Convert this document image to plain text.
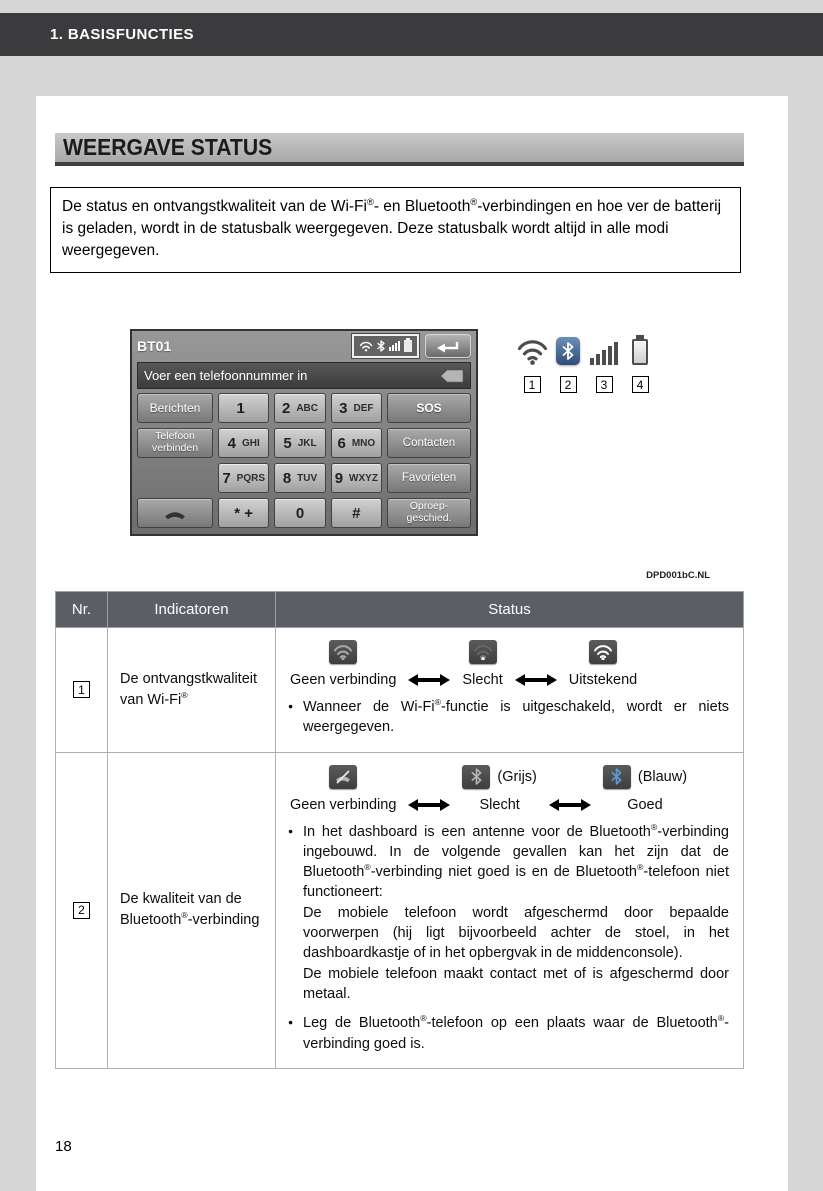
1. BASISFUNCTIES
WEERGAVE STATUS

De status en ontvangstkwaliteit van de Wi-Fi®- en Bluetooth®-verbindingen en hoe ver de batterij is geladen, wordt in de statusbalk weergegeven. Deze statusbalk wordt altijd in alle modi weergegeven.

BT01
Voer een telefoonnummer in
Berichten
Telefoon
verbinden
1 2 ABC 3 DEF
4 GHI 5 JKL 6 MNO
7 PQRS 8 TUV 9 WXYZ
* +	0	#
SOS
Contacten
Favorieten
Oproep-geschied.
1	2	3	4
DPD001bC.NL
Nr.	Indicatoren	Status
1	De ontvangstkwaliteit van Wi-Fi®	
Geen verbinding	Slecht	Uitstekend
● Wanneer de Wi-Fi®-functie is uitgeschakeld, wordt er niets weergegeven.

2	De kwaliteit van de Bluetooth®-verbinding	
(Grijs)	(Blauw)
Geen verbinding	Slecht	Goed
● In het dashboard is een antenne voor de Bluetooth®-verbinding ingebouwd. In de volgende gevallen kan het zijn dat de Bluetooth®-verbinding niet goed is en de Bluetooth®-telefoon niet functioneert:
De mobiele telefoon wordt afgeschermd door bepaalde voorwerpen (hij ligt bijvoorbeeld achter de stoel, in het dashboardkastje of in het opbergvak in de middenconsole).
De mobiele telefoon maakt contact met of is afgeschermd door metaal.
● Leg de Bluetooth®-telefoon op een plaats waar de Bluetooth®-verbinding goed is.
18
